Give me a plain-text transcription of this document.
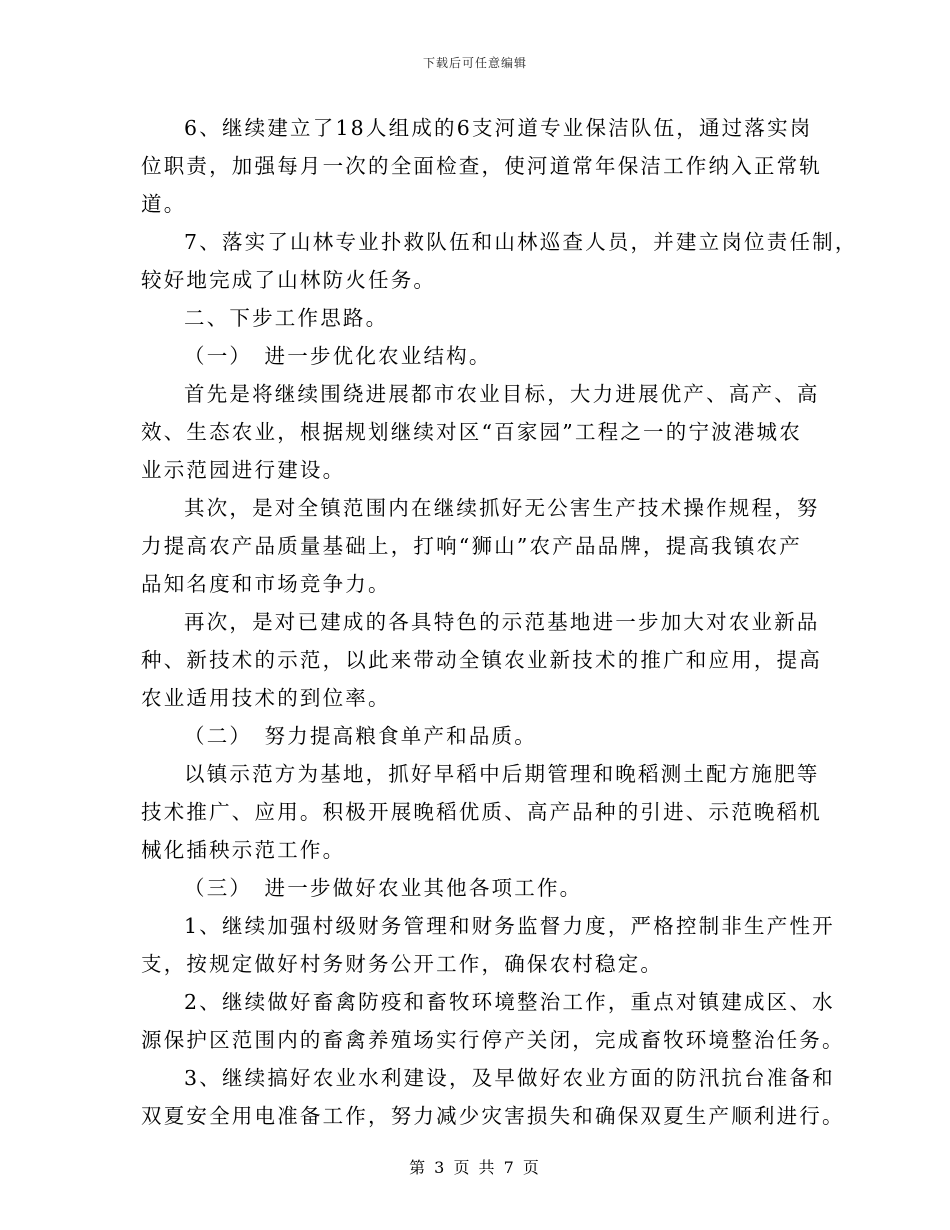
下载后可任意编辑
6、继续建立了18人组成的6支河道专业保洁队伍，通过落实岗
位职责，加强每月一次的全面检查，使河道常年保洁工作纳入正常轨
道。
7、落实了山林专业扑救队伍和山林巡查人员，并建立岗位责任制，
较好地完成了山林防火任务。
二、下步工作思路。
（一）　进一步优化农业结构。
首先是将继续围绕进展都市农业目标，大力进展优产、高产、高
效、生态农业，根据规划继续对区“百家园”工程之一的宁波港城农
业示范园进行建设。
其次，是对全镇范围内在继续抓好无公害生产技术操作规程，努
力提高农产品质量基础上，打响“狮山”农产品品牌，提高我镇农产
品知名度和市场竞争力。
再次，是对已建成的各具特色的示范基地进一步加大对农业新品
种、新技术的示范，以此来带动全镇农业新技术的推广和应用，提高
农业适用技术的到位率。
（二）　努力提高粮食单产和品质。
以镇示范方为基地，抓好早稻中后期管理和晚稻测土配方施肥等
技术推广、应用。积极开展晚稻优质、高产品种的引进、示范晚稻机
械化插秧示范工作。
（三）　进一步做好农业其他各项工作。
1、继续加强村级财务管理和财务监督力度，严格控制非生产性开
支，按规定做好村务财务公开工作，确保农村稳定。
2、继续做好畜禽防疫和畜牧环境整治工作，重点对镇建成区、水
源保护区范围内的畜禽养殖场实行停产关闭，完成畜牧环境整治任务。
3、继续搞好农业水利建设，及早做好农业方面的防汛抗台准备和
双夏安全用电准备工作，努力减少灾害损失和确保双夏生产顺利进行。
第 3 页 共 7 页
